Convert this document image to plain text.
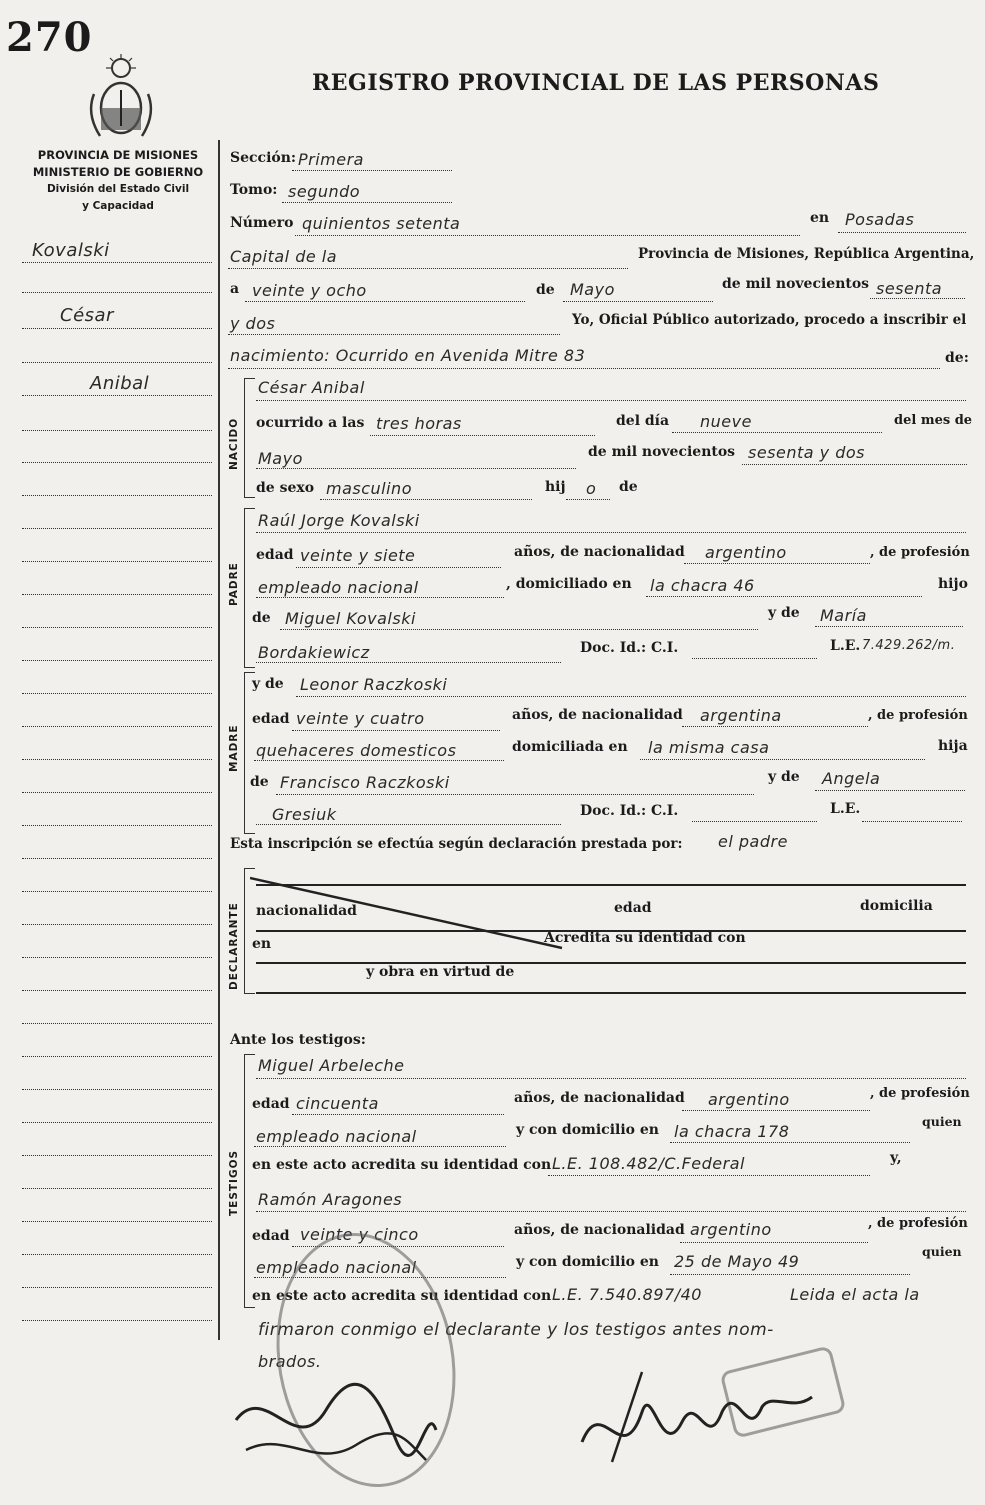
270
REGISTRO PROVINCIAL DE LAS PERSONAS
PROVINCIA DE MISIONES
MINISTERIO DE GOBIERNO
División del Estado Civil
y Capacidad
Kovalski
César
Anibal
Sección: Primera
Tomo: segundo
Número quinientos setenta	en Posadas
Capital de la	Provincia de Misiones, República Argentina,
a veinte y ocho	de Mayo	de mil novecientos sesenta
y dos	Yo, Oficial Público autorizado, procedo a inscribir el
nacimiento: Ocurrido en Avenida Mitre 83	de:
NACIDO
César Anibal
ocurrido a las tres horas	del día nueve	del mes de
Mayo	de mil novecientos sesenta y dos
de sexo masculino	hij o de
PADRE
Raúl Jorge Kovalski
edad veinte y siete	años, de nacionalidad argentino	, de profesión
empleado nacional	, domiciliado en la chacra 46	hijo
de Miguel Kovalski	y de María
Bordakiewicz	Doc. Id.: C.I.	L.E. 7.429.262/m.
MADRE
y de Leonor Raczkoski
edad veinte y cuatro	años, de nacionalidad argentina	, de profesión
quehaceres domesticos	domiciliada en la misma casa	hija
de Francisco Raczkoski	y de Angela
Gresiuk	Doc. Id.: C.I.	L.E.
Esta inscripción se efectúa según declaración prestada por: el padre
DECLARANTE nacionalidad	edad	domicilia
en	Acredita su identidad con
y obra en virtud de
Ante los testigos:
TESTIGOS
Miguel Arbeleche
edad cincuenta	años, de nacionalidad argentino	, de profesión
empleado nacional	y con domicilio en la chacra 178
quien
en este acto acredita su identidad con L.E. 108.482/C.Federal	y,
Ramón Aragones
edad veinte y cinco	años, de nacionalidad argentino	, de profesión
empleado nacional	y con domicilio en 25 de Mayo 49
quien
en este acto acredita su identidad con L.E. 7.540.897/40	Leida el acta la
firmaron conmigo el declarante y los testigos antes nom-
brados.
